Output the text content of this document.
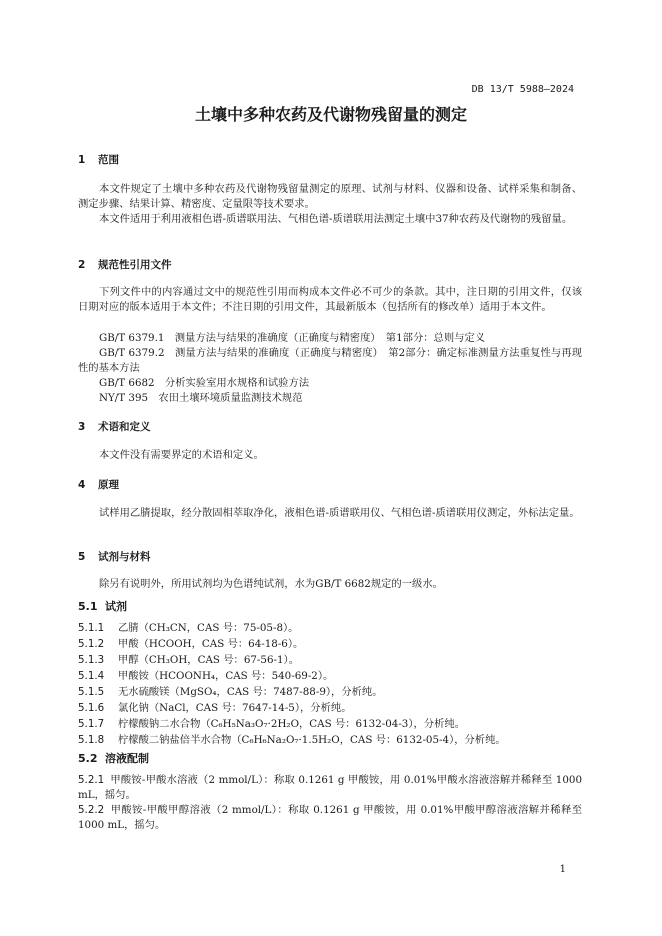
DB 13/T 5988—2024
土壤中多种农药及代谢物残留量的测定
1 范围
本文件规定了土壤中多种农药及代谢物残留量测定的原理、试剂与材料、仪器和设备、试样采集和制备、测定步骤、结果计算、精密度、定量限等技术要求。
本文件适用于利用液相色谱-质谱联用法、气相色谱-质谱联用法测定土壤中37种农药及代谢物的残留量。
2 规范性引用文件
下列文件中的内容通过文中的规范性引用而构成本文件必不可少的条款。其中，注日期的引用文件，仅该日期对应的版本适用于本文件；不注日期的引用文件，其最新版本（包括所有的修改单）适用于本文件。
GB/T 6379.1　测量方法与结果的准确度（正确度与精密度）　第1部分：总则与定义
GB/T 6379.2　测量方法与结果的准确度（正确度与精密度）　第2部分：确定标准测量方法重复性与再现性的基本方法
GB/T 6682　分析实验室用水规格和试验方法
NY/T 395　农田土壤环境质量监测技术规范
3 术语和定义
本文件没有需要界定的术语和定义。
4 原理
试样用乙腈提取，经分散固相萃取净化，液相色谱-质谱联用仪、气相色谱-质谱联用仪测定，外标法定量。
5 试剂与材料
除另有说明外，所用试剂均为色谱纯试剂，水为GB/T 6682规定的一级水。
5.1 试剂
5.1.1 乙腈（CH₃CN，CAS 号：75-05-8）。
5.1.2 甲酸（HCOOH，CAS 号：64-18-6）。
5.1.3 甲醇（CH₃OH，CAS 号：67-56-1）。
5.1.4 甲酸铵（HCOONH₄，CAS 号：540-69-2）。
5.1.5 无水硫酸镁（MgSO₄，CAS 号：7487-88-9），分析纯。
5.1.6 氯化钠（NaCl，CAS 号：7647-14-5），分析纯。
5.1.7 柠檬酸钠二水合物（C₆H₅Na₃O₇·2H₂O，CAS 号：6132-04-3），分析纯。
5.1.8 柠檬酸二钠盐倍半水合物（C₆H₆Na₂O₇·1.5H₂O，CAS 号：6132-05-4），分析纯。
5.2 溶液配制
5.2.1 甲酸铵-甲酸水溶液（2 mmol/L）：称取 0.1261 g 甲酸铵，用 0.01%甲酸水溶液溶解并稀释至 1000 mL，摇匀。
5.2.2 甲酸铵-甲酸甲醇溶液（2 mmol/L）：称取 0.1261 g 甲酸铵，用 0.01%甲酸甲醇溶液溶解并稀释至 1000 mL，摇匀。
1
